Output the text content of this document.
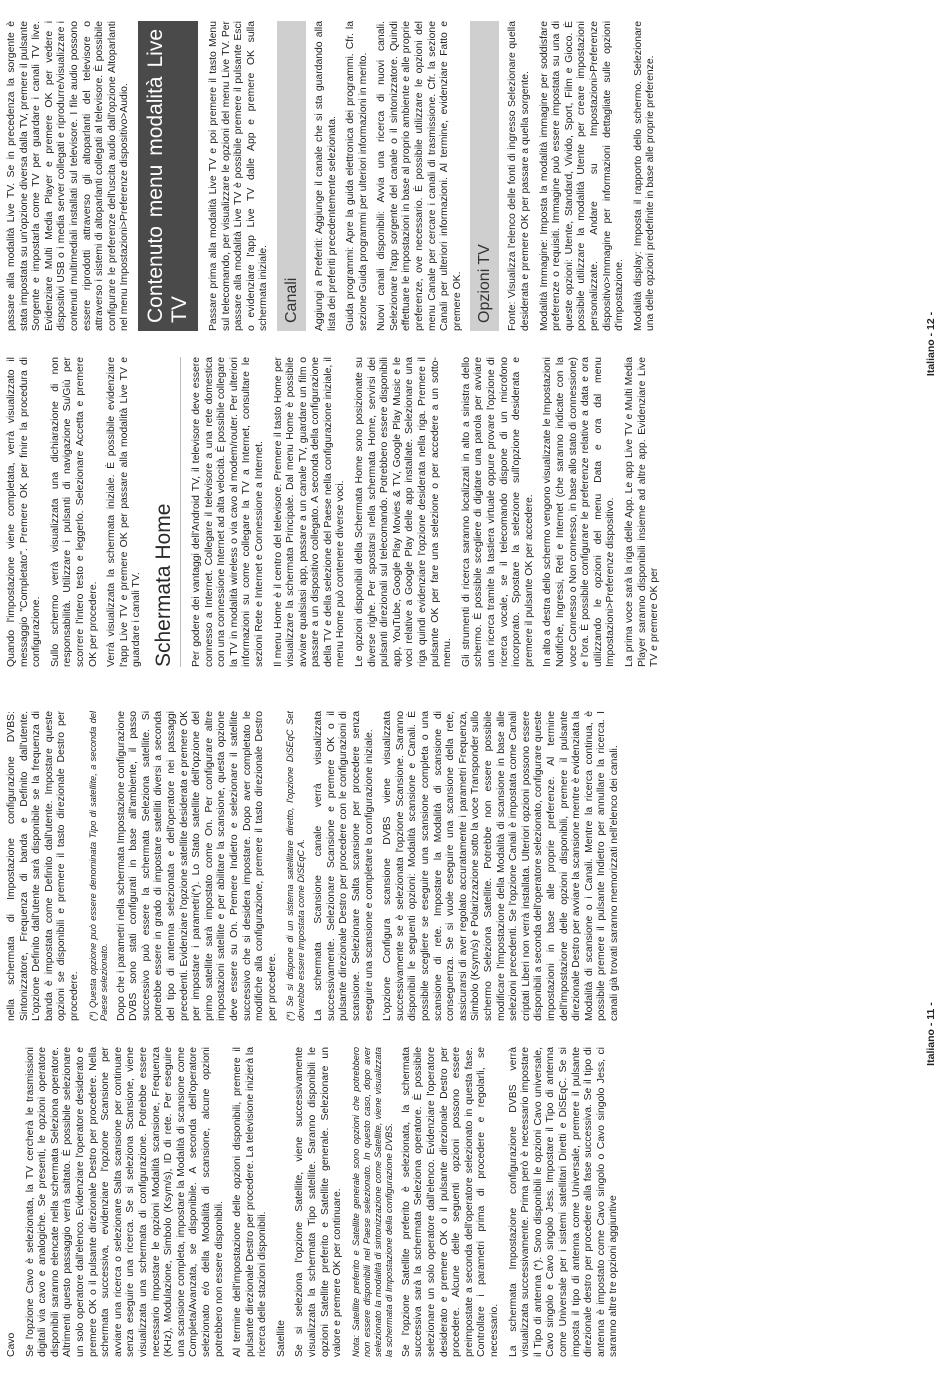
Cavo Se l'opzione Cavo è selezionata, la TV cercherà le trasmissioni digitali via cavo e analogiche. Se presenti, le opzioni operatore disponibili saranno elencate nella schermata Seleziona operatore. Altrimenti questo passaggio verrà saltato. È possibile selezionare un solo operatore dall'elenco. Evidenziare l'operatore desiderato e premere OK o il pulsante direzionale Destro per procedere. Nella schermata successiva, evidenziare l'opzione Scansione per avviare una ricerca o selezionare Salta scansione per continuare senza eseguire una ricerca. Se si seleziona Scansione, viene visualizzata una schermata di configurazione. Potrebbe essere necessario impostare le opzioni Modalità scansione, Frequenza (KHz), Modulazione, Simbolo (Ksym/s), ID di rete. Per eseguire una scansione completa, impostare la Modalità di scansione come Completa/Avanzata, se disponibile. A seconda dell'operatore selezionato e/o della Modalità di scansione, alcune opzioni potrebbero non essere disponibili. Al termine dell'impostazione delle opzioni disponibili, premere il pulsante direzionale Destro per procedere. La televisione inizierà la ricerca delle stazioni disponibili. Satellite Se si seleziona l'opzione Satellite, viene successivamente visualizzata la schermata Tipo satellite. Saranno disponibili le opzioni Satellite preferito e Satellite generale. Selezionare un valore e premere OK per continuare. Nota: Satellite preferito e Satellite generale sono opzioni che potrebbero non essere disponibili nel Paese selezionato. In questo caso, dopo aver selezionato la modalità di sintonizzazione come Satellite, viene visualizzata la schermata di Impostazione della configurazione DVBS. Se l'opzione Satellite preferito è selezionata, la schermata successiva sarà la schermata Seleziona operatore. È possibile selezionare un solo operatore dall'elenco. Evidenziare l'operatore desiderato e premere OK o il pulsante direzionale Destro per procedere. Alcune delle seguenti opzioni possono essere preimpostate a seconda dell'operatore selezionato in questa fase. Controllare i parametri prima di procedere e regolarli, se necessario. La schermata Impostazione configurazione DVBS verrà visualizzata successivamente. Prima però è necessario impostare il Tipo di antenna (*). Sono disponibili le opzioni Cavo universale, Cavo singolo e Cavo singolo Jess. Impostare il Tipo di antenna come Universale per i sistemi satellitari Diretti e DiSEqC. Se si imposta il tipo di antenna come Universale, premere il pulsante direzionale destro per procedere alla fase successiva. Se il tipo di antenna è impostato come Cavo singolo o Cavo singolo Jess, ci saranno altre tre opzioni aggiuntive

nella schermata di Impostazione configurazione DVBS: Sintonizzatore, Frequenza di banda e Definito dall'utente. L'opzione Definito dall'utente sarà disponibile se la frequenza di banda è impostata come Definito dall'utente. Impostare queste opzioni se disponibili e premere il tasto direzionale Destro per procedere. (*) Questa opzione può essere denominata Tipo di satellite, a seconda del Paese selezionato. Dopo che i parametri nella schermata Impostazione configurazione DVBS sono stati configurati in base all'ambiente, il passo successivo può essere la schermata Seleziona satellite. Si potrebbe essere in grado di impostare satelliti diversi a seconda del tipo di antenna selezionata e dell'operatore nei passaggi precedenti. Evidenziare l'opzione satellite desiderata e premere OK per impostare i parametri(*). Lo Stato satellite dell'opzione del primo satellite sarà impostato come On. Per configurare altre impostazioni satellite e per abilitare la scansione, questa opzione deve essere su On. Premere Indietro e selezionare il satellite successivo che si desidera impostare. Dopo aver completato le modifiche alla configurazione, premere il tasto direzionale Destro per procedere. (*) Se si dispone di un sistema satellitare diretto, l'opzione DiSEqC Set dovrebbe essere impostata come DiSEqC A. La schermata Scansione canale verrà visualizzata successivamente. Selezionare Scansione e premere OK o il pulsante direzionale Destro per procedere con le configurazioni di scansione. Selezionare Salta scansione per procedere senza eseguire una scansione e completare la configurazione iniziale. L'opzione Configura scansione DVBS viene visualizzata successivamente se è selezionata l'opzione Scansione. Saranno disponibili le seguenti opzioni: Modalità scansione e Canali. È possibile scegliere se eseguire una scansione completa o una scansione di rete. Impostare la Modalità di scansione di conseguenza. Se si vuole eseguire una scansione della rete, assicurarsi di aver regolato accuratamente i parametri Frequenza, Simbolo (Ksym/s) e Polarizzazione sotto la voce Transponder sullo schermo Seleziona Satellite. Potrebbe non essere possibile modificare l'impostazione della Modalità di scansione in base alle selezioni precedenti. Se l'opzione Canali è impostata come Canali criptati Liberi non verrà installata. Ulteriori opzioni possono essere disponibili a seconda dell'operatore selezionato, configurare queste impostazioni in base alle proprie preferenze. Al termine dell'impostazione delle opzioni disponibili, premere il pulsante direzionale Destro per avviare la scansione mentre è evidenziata la Modalità di scansione o i Canali. Mentre la ricerca continua, è possibile premere il pulsante Indietro per annullare la ricerca. I canali già trovati saranno memorizzati nell'elenco dei canali.

Italiano - 11 -

Quando l'impostazione viene completata, verrà visualizzato il messaggio "Completato". Premere OK per finire la procedura di configurazione. Sullo schermo verrà visualizzata una dichiarazione di non responsabilità. Utilizzare i pulsanti di navigazione Su/Giù per scorrere l'intero testo e leggerlo. Selezionare Accetta e premere OK per procedere. Verrà visualizzata la schermata iniziale. È possibile evidenziare l'app Live TV e premere OK per passare alla modalità Live TV e guardare i canali TV. Schermata Home	Per godere dei vantaggi dell'Android TV, il televisore deve essere connesso a Internet. Collegare il televisore a una rete domestica con una connessione Internet ad alta velocità. È possibile collegare la TV in modalità wireless o via cavo al modem/router. Per ulteriori informazioni su come collegare la TV a Internet, consultare le sezioni Rete e Internet e Connessione a Internet. Il menu Home è il centro del televisore. Premere il tasto Home per visualizzare la schermata Principale. Dal menu Home è possibile avviare qualsiasi app, passare a un canale TV, guardare un film o passare a un dispositivo collegato. A seconda della configurazione della TV e della selezione del Paese nella configurazione iniziale, il menu Home può contenere diverse voci. Le opzioni disponibili della Schermata Home sono posizionate su diverse righe. Per spostarsi nella schermata Home, servirsi dei pulsanti direzionali sul telecomando. Potrebbero essere disponibili app, YouTube, Google Play Movies & TV, Google Play Music e le voci relative a Google Play delle app installate. Selezionare una riga quindi evidenziare l'opzione desiderata nella riga. Premere il pulsante OK per fare una selezione o per accedere a un sotto-menu. Gli strumenti di ricerca saranno localizzati in alto a sinistra dello schermo. È possibile scegliere di digitare una parola per avviare una ricerca tramite la tastiera virtuale oppure provare l'opzione di ricerca vocale, se il telecomando dispone di un microfono incorporato. Spostare la selezione sull'opzione desiderata e premere il pulsante OK per accedere. In alto a destra dello schermo vengono visualizzate le Impostazioni Notifiche, Ingressi, Reti e Internet (che saranno indicate con la voce Connesso o Non connesso, in base allo stato di connessione) e l'ora. È possibile configurare le preferenze relative a data e ora utilizzando le opzioni del menu Data e ora dal menu Impostazioni>Preferenze dispositivo. La prima voce sarà la riga delle App. Le app Live TV e Multi Media Player saranno disponibili insieme ad altre app. Evidenziare Live TV e premere OK per

passare alla modalità Live TV. Se in precedenza la sorgente è stata impostata su un'opzione diversa dalla TV, premere il pulsante Sorgente e impostarla come TV per guardare i canali TV live. Evidenziare Multi Media Player e premere OK per vedere i dispositivi USB o i media server collegati e riprodurre/visualizzare i contenuti multimediali installati sul televisore. I file audio possono essere riprodotti attraverso gli altoparlanti del televisore o attraverso i sistemi di altoparlanti collegati al televisore. È possibile configurare le preferenze dell'uscita audio dall'opzione Altoparlanti nel menu Impostazioni>Preferenze dispositivo>Audio. Contenuto menu modalità Live TV	Passare prima alla modalità Live TV e poi premere il tasto Menu sul telecomando, per visualizzare le opzioni del menu Live TV. Per passare alla modalità Live TV è possibile premere il pulsante Esci o evidenziare l'app Live TV dalle App e premere OK sulla schermata iniziale. Canali	Aggiungi a Preferiti: Aggiunge il canale che si sta guardando alla lista dei preferiti precedentemente selezionata. Guida programmi: Apre la guida elettronica dei programmi. Cfr. la sezione Guida programmi per ulteriori informazioni in merito. Nuovi canali disponibili: Avvia una ricerca di nuovi canali. Selezionare l'app sorgente del canale o il sintonizzatore. Quindi effettuare le impostazioni in base al proprio ambiente e alle proprie preferenze, ove necessario. È possibile utilizzare le opzioni del menu Canale per cercare i canali di trasmissione. Cfr. la sezione Canali per ulteriori informazioni. Al termine, evidenziare Fatto e premere OK. Opzioni TV	Fonte: Visualizza l'elenco delle fonti di ingresso Selezionare quella desiderata e premere OK per passare a quella sorgente. Modalità Immagine: Imposta la modalità immagine per soddisfare preferenze o requisiti. Immagine può essere impostata su una di queste opzioni: Utente, Standard, Vivido, Sport, Film e Gioco. È possibile utilizzare la modalità Utente per creare impostazioni personalizzate. Andare su Impostazioni>Preferenze dispositivo>Immagine per informazioni dettagliate sulle opzioni d'impostazione. Modalità display: Imposta il rapporto dello schermo. Selezionare una delle opzioni predefinite in base alle proprie preferenze.

Italiano - 12 -
